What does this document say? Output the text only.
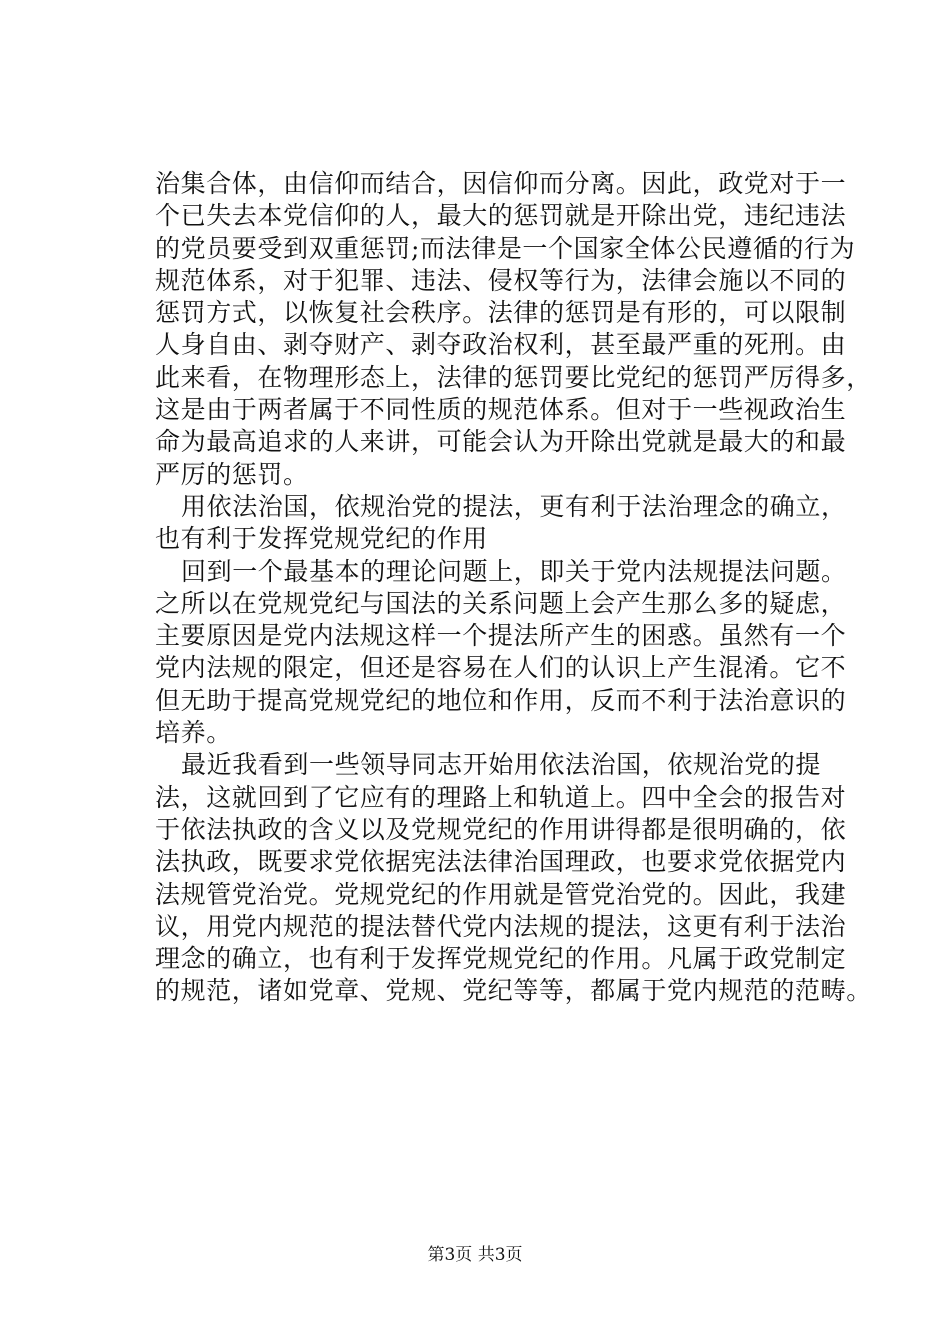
治集合体，由信仰而结合，因信仰而分离。因此，政党对于一
个已失去本党信仰的人，最大的惩罚就是开除出党，违纪违法
的党员要受到双重惩罚;而法律是一个国家全体公民遵循的行为
规范体系，对于犯罪、违法、侵权等行为，法律会施以不同的
惩罚方式，以恢复社会秩序。法律的惩罚是有形的，可以限制
人身自由、剥夺财产、剥夺政治权利，甚至最严重的死刑。由
此来看，在物理形态上，法律的惩罚要比党纪的惩罚严厉得多，
这是由于两者属于不同性质的规范体系。但对于一些视政治生
命为最高追求的人来讲，可能会认为开除出党就是最大的和最
严厉的惩罚。
用依法治国，依规治党的提法，更有利于法治理念的确立，
也有利于发挥党规党纪的作用
回到一个最基本的理论问题上，即关于党内法规提法问题。
之所以在党规党纪与国法的关系问题上会产生那么多的疑虑，
主要原因是党内法规这样一个提法所产生的困惑。虽然有一个
党内法规的限定，但还是容易在人们的认识上产生混淆。它不
但无助于提高党规党纪的地位和作用，反而不利于法治意识的
培养。
最近我看到一些领导同志开始用依法治国，依规治党的提
法，这就回到了它应有的理路上和轨道上。四中全会的报告对
于依法执政的含义以及党规党纪的作用讲得都是很明确的，依
法执政，既要求党依据宪法法律治国理政，也要求党依据党内
法规管党治党。党规党纪的作用就是管党治党的。因此，我建
议，用党内规范的提法替代党内法规的提法，这更有利于法治
理念的确立，也有利于发挥党规党纪的作用。凡属于政党制定
的规范，诸如党章、党规、党纪等等，都属于党内规范的范畴。
第3页 共3页
